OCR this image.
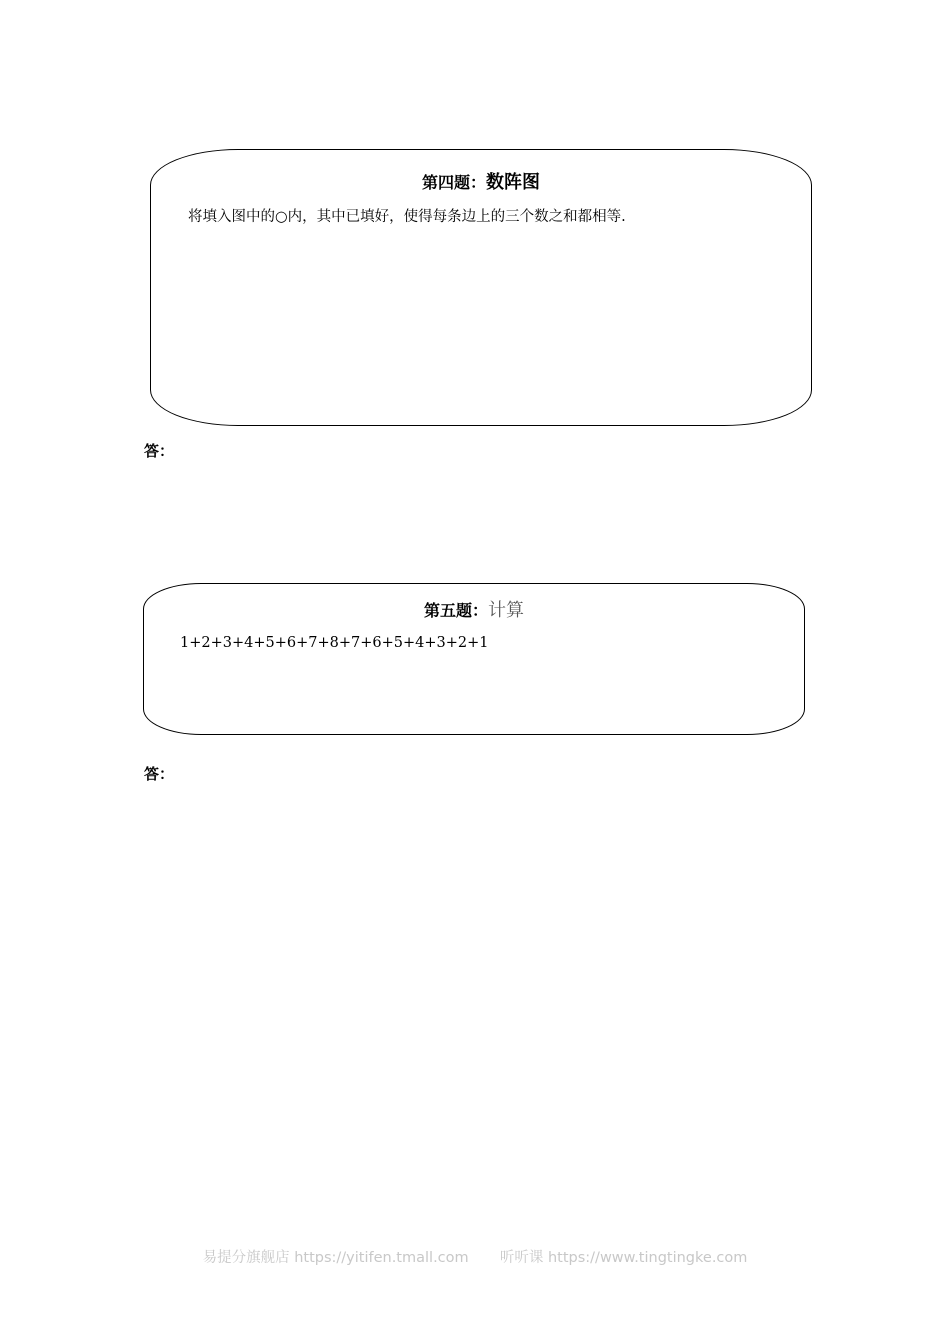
第四题：数阵图
将填入图中的○内，其中已填好，使得每条边上的三个数之和都相等.
答：
第五题：计算
1+2+3+4+5+6+7+8+7+6+5+4+3+2+1
答：
易提分旗舰店 https://yitifen.tmall.com 听听课 https://www.tingtingke.com
